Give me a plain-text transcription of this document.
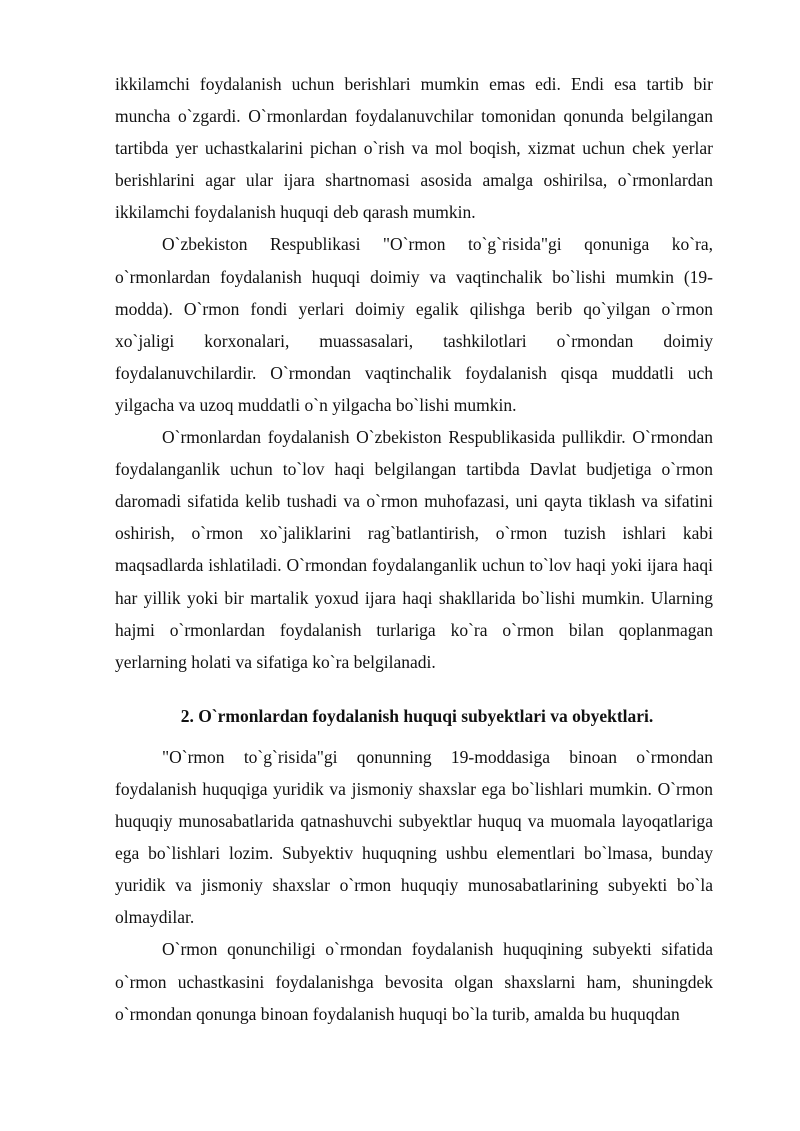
ikkilamchi foydalanish uchun berishlari mumkin emas edi. Endi esa tartib bir muncha o`zgardi. O`rmonlardan foydalanuvchilar tomonidan qonunda belgilangan tartibda yer uchastkalarini pichan o`rish va mol boqish, xizmat uchun chek yerlar berishlarini agar ular ijara shartnomasi asosida amalga oshirilsa, o`rmonlardan ikkilamchi foydalanish huquqi deb qarash mumkin.

O`zbekiston Respublikasi "O`rmon to`g`risida"gi qonuniga ko`ra, o`rmonlardan foydalanish huquqi doimiy va vaqtinchalik bo`lishi mumkin (19-modda). O`rmon fondi yerlari doimiy egalik qilishga berib qo`yilgan o`rmon xo`jaligi korxonalari, muassasalari, tashkilotlari o`rmondan doimiy foydalanuvchilardir. O`rmondan vaqtinchalik foydalanish qisqa muddatli uch yilgacha va uzoq muddatli o`n yilgacha bo`lishi mumkin.

O`rmonlardan foydalanish O`zbekiston Respublikasida pullikdir. O`rmondan foydalanganlik uchun to`lov haqi belgilangan tartibda Davlat budjetiga o`rmon daromadi sifatida kelib tushadi va o`rmon muhofazasi, uni qayta tiklash va sifatini oshirish, o`rmon xo`jaliklarini rag`batlantirish, o`rmon tuzish ishlari kabi maqsadlarda ishlatiladi. O`rmondan foydalanganlik uchun to`lov haqi yoki ijara haqi har yillik yoki bir martalik yoxud ijara haqi shakllarida bo`lishi mumkin. Ularning hajmi o`rmonlardan foydalanish turlariga ko`ra o`rmon bilan qoplanmagan yerlarning holati va sifatiga ko`ra belgilanadi.

2. O`rmonlardan foydalanish huquqi subyektlari va obyektlari.

"O`rmon to`g`risida"gi qonunning 19-moddasiga binoan o`rmondan foydalanish huquqiga yuridik va jismoniy shaxslar ega bo`lishlari mumkin. O`rmon huquqiy munosabatlarida qatnashuvchi subyektlar huquq va muomala layoqatlariga ega bo`lishlari lozim. Subyektiv huquqning ushbu elementlari bo`lmasa, bunday yuridik va jismoniy shaxslar o`rmon huquqiy munosabatlarining subyekti bo`la olmaydilar.

O`rmon qonunchiligi o`rmondan foydalanish huquqining subyekti sifatida o`rmon uchastkasini foydalanishga bevosita olgan shaxslarni ham, shuningdek o`rmondan qonunga binoan foydalanish huquqi bo`la turib, amalda bu huquqdan
